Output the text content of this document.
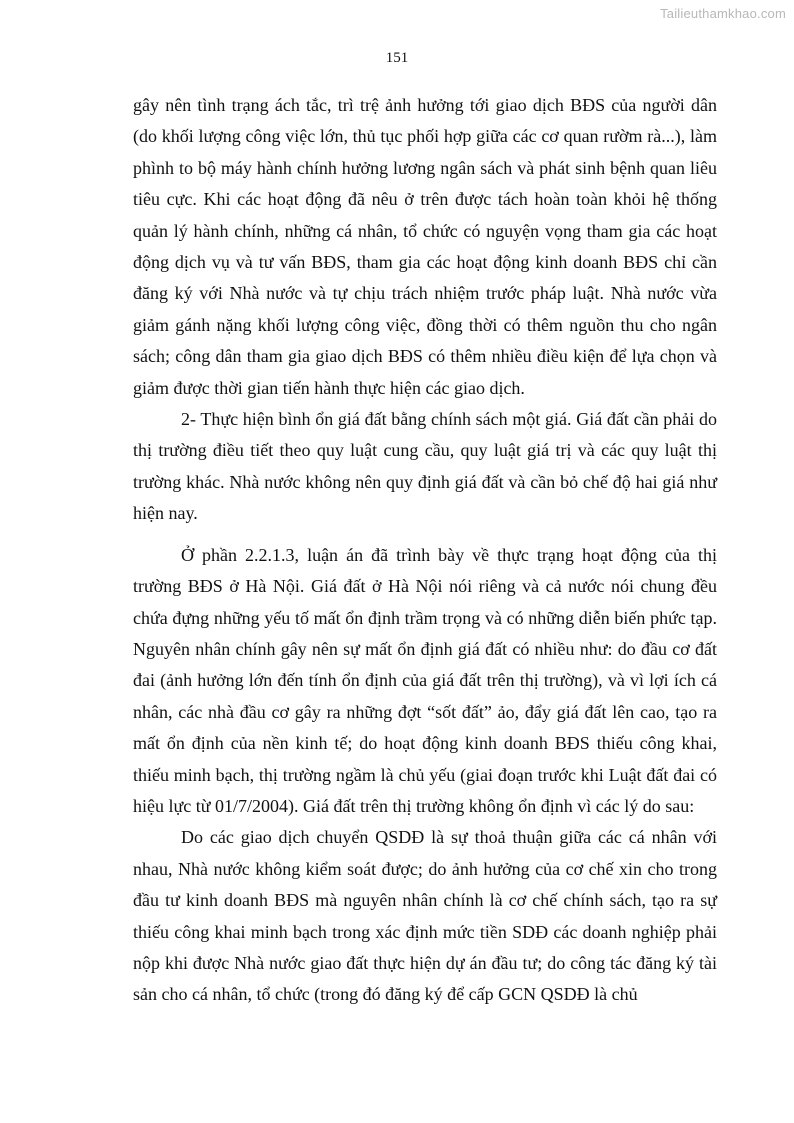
Tailieuthamkhao.com
151

gây nên tình trạng ách tắc, trì trệ ảnh hưởng tới giao dịch BĐS của người dân (do khối lượng công việc lớn, thủ tục phối hợp giữa các cơ quan rườm rà...), làm phình to bộ máy hành chính hưởng lương ngân sách và phát sinh bệnh quan liêu tiêu cực. Khi các hoạt động đã nêu ở trên được tách hoàn toàn khỏi hệ thống quản lý hành chính, những cá nhân, tổ chức có nguyện vọng tham gia các hoạt động dịch vụ và tư vấn BĐS, tham gia các hoạt động kinh doanh BĐS chỉ cần đăng ký với Nhà nước và tự chịu trách nhiệm trước pháp luật. Nhà nước vừa giảm gánh nặng khối lượng công việc, đồng thời có thêm nguồn thu cho ngân sách; công dân tham gia giao dịch BĐS có thêm nhiều điều kiện để lựa chọn và giảm được thời gian tiến hành thực hiện các giao dịch.

2- Thực hiện bình ổn giá đất bằng chính sách một giá. Giá đất cần phải do thị trường điều tiết theo quy luật cung cầu, quy luật giá trị và các quy luật thị trường khác. Nhà nước không nên quy định giá đất và cần bỏ chế độ hai giá như hiện nay.

Ở phần 2.2.1.3, luận án đã trình bày về thực trạng hoạt động của thị trường BĐS ở Hà Nội. Giá đất ở Hà Nội nói riêng và cả nước nói chung đều chứa đựng những yếu tố mất ổn định trầm trọng và có những diễn biến phức tạp. Nguyên nhân chính gây nên sự mất ổn định giá đất có nhiều như: do đầu cơ đất đai (ảnh hưởng lớn đến tính ổn định của giá đất trên thị trường), và vì lợi ích cá nhân, các nhà đầu cơ gây ra những đợt “sốt đất” ảo, đẩy giá đất lên cao, tạo ra mất ổn định của nền kinh tế; do hoạt động kinh doanh BĐS thiếu công khai, thiếu minh bạch, thị trường ngầm là chủ yếu (giai đoạn trước khi Luật đất đai có hiệu lực từ 01/7/2004). Giá đất trên thị trường không ổn định vì các lý do sau:

Do các giao dịch chuyển QSDĐ là sự thoả thuận giữa các cá nhân với nhau, Nhà nước không kiểm soát được; do ảnh hưởng của cơ chế xin cho trong đầu tư kinh doanh BĐS mà nguyên nhân chính là cơ chế chính sách, tạo ra sự thiếu công khai minh bạch trong xác định mức tiền SDĐ các doanh nghiệp phải nộp khi được Nhà nước giao đất thực hiện dự án đầu tư; do công tác đăng ký tài sản cho cá nhân, tổ chức (trong đó đăng ký để cấp GCN QSDĐ là chủ
